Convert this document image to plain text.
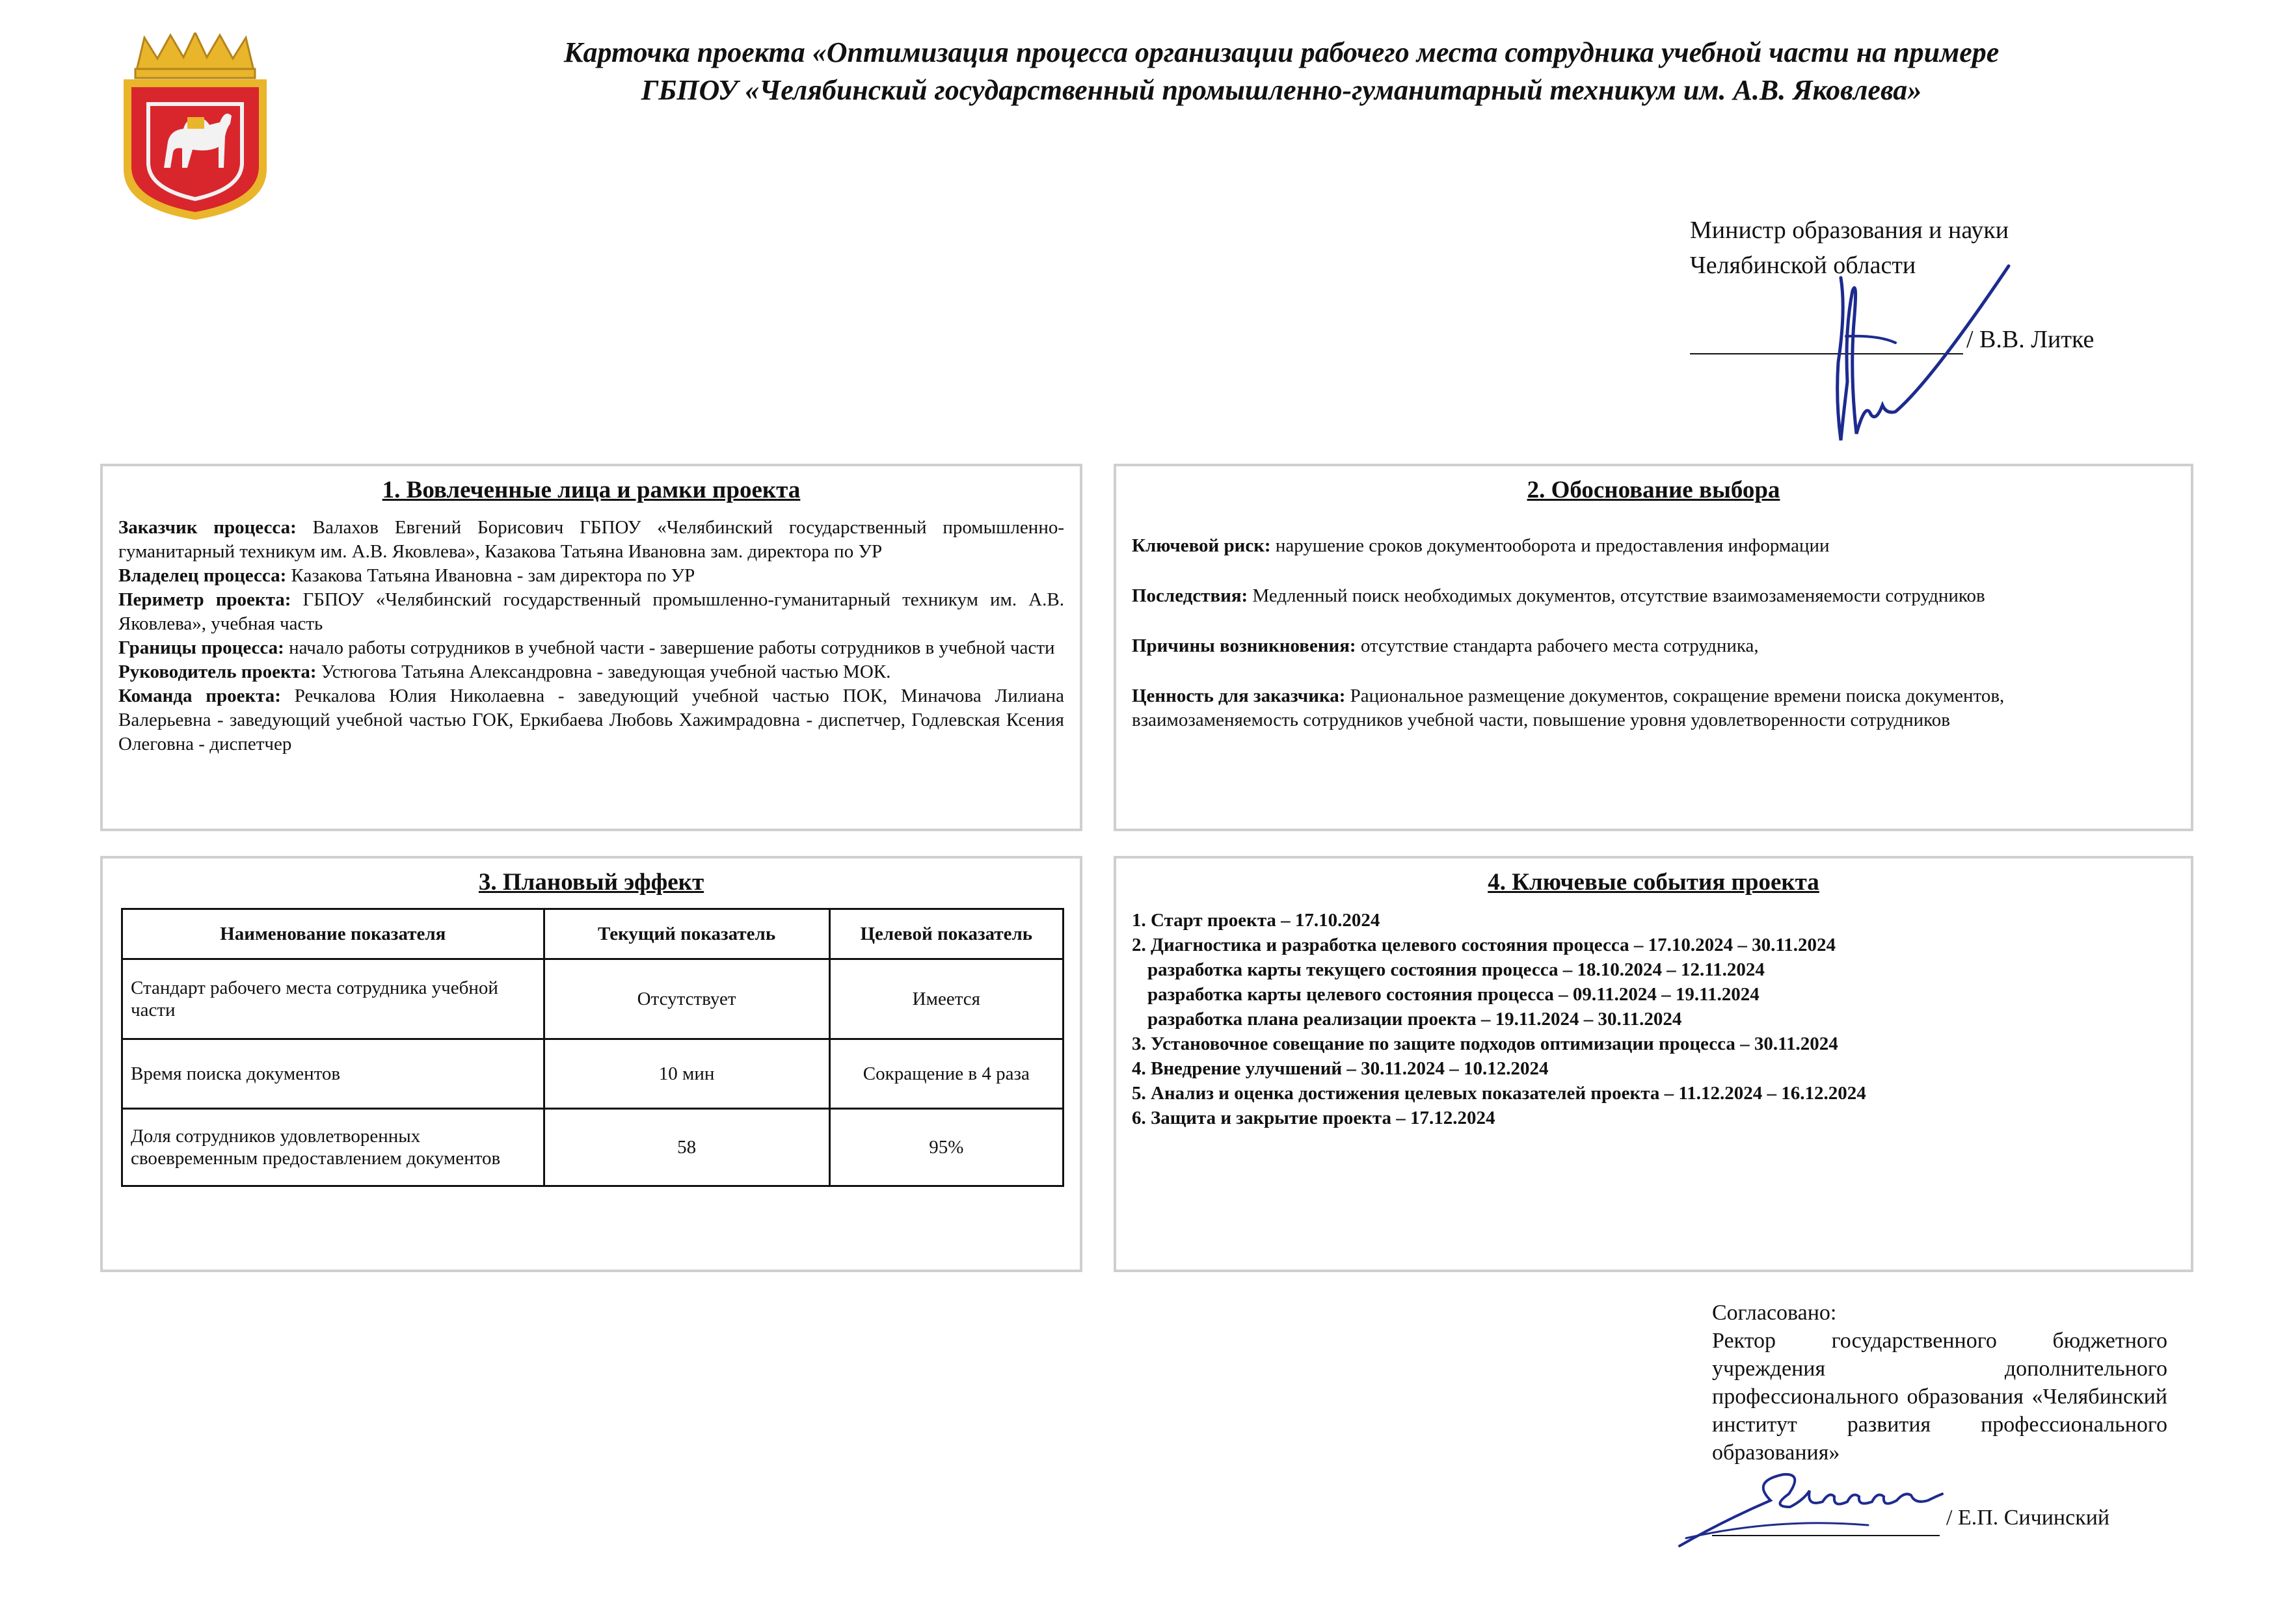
Карточка проекта «Оптимизация процесса организации рабочего места сотрудника учебной части на примере
ГБПОУ «Челябинский государственный промышленно-гуманитарный техникум им. А.В. Яковлева»
Министр образования и науки
Челябинской области
/ В.В. Литке
1. Вовлеченные лица и рамки проекта

Заказчик процесса: Валахов Евгений Борисович ГБПОУ «Челябинский государственный промышленно-гуманитарный техникум им. А.В. Яковлева», Казакова Татьяна Ивановна зам. директора по УР

Владелец процесса: Казакова Татьяна Ивановна - зам директора по УР

Периметр проекта: ГБПОУ «Челябинский государственный промышленно-гуманитарный техникум им. А.В. Яковлева», учебная часть

Границы процесса: начало работы сотрудников в учебной части - завершение работы сотрудников в учебной части

Руководитель проекта: Устюгова Татьяна Александровна - заведующая учебной частью МОК.

Команда проекта: Речкалова Юлия Николаевна - заведующий учебной частью ПОК, Миначова Лилиана Валерьевна - заведующий учебной частью ГОК, Еркибаева Любовь Хажимрадовна - диспетчер, Годлевская Ксения Олеговна - диспетчер

2. Обоснование выбора

Ключевой риск: нарушение сроков документооборота и предоставления информации

Последствия: Медленный поиск необходимых документов, отсутствие взаимозаменяемости сотрудников

Причины возникновения: отсутствие стандарта рабочего места сотрудника,

Ценность для заказчика: Рациональное размещение документов, сокращение времени поиска документов, взаимозаменяемость сотрудников учебной части, повышение уровня удовлетворенности сотрудников

3. Плановый эффект
Наименование показателя	Текущий показатель	Целевой показатель
Стандарт рабочего места сотрудника учебной части	Отсутствует	Имеется
Время поиска документов	10 мин	Сокращение в 4 раза
Доля сотрудников удовлетворенных своевременным предоставлением документов	58	95%
4. Ключевые события проекта
1. Старт проекта – 17.10.2024
2. Диагностика и разработка целевого состояния процесса – 17.10.2024 – 30.11.2024
разработка карты текущего состояния процесса – 18.10.2024 – 12.11.2024
разработка карты целевого состояния процесса – 09.11.2024 – 19.11.2024
разработка плана реализации проекта – 19.11.2024 – 30.11.2024
3. Установочное совещание по защите подходов оптимизации процесса – 30.11.2024
4. Внедрение улучшений – 30.11.2024 – 10.12.2024
5. Анализ и оценка достижения целевых показателей проекта – 11.12.2024 – 16.12.2024
6. Защита и закрытие проекта – 17.12.2024
Согласовано:
Ректор государственного бюджетного учреждения дополнительного профессионального образования «Челябинский институт развития профессионального образования»
/ Е.П. Сичинский
